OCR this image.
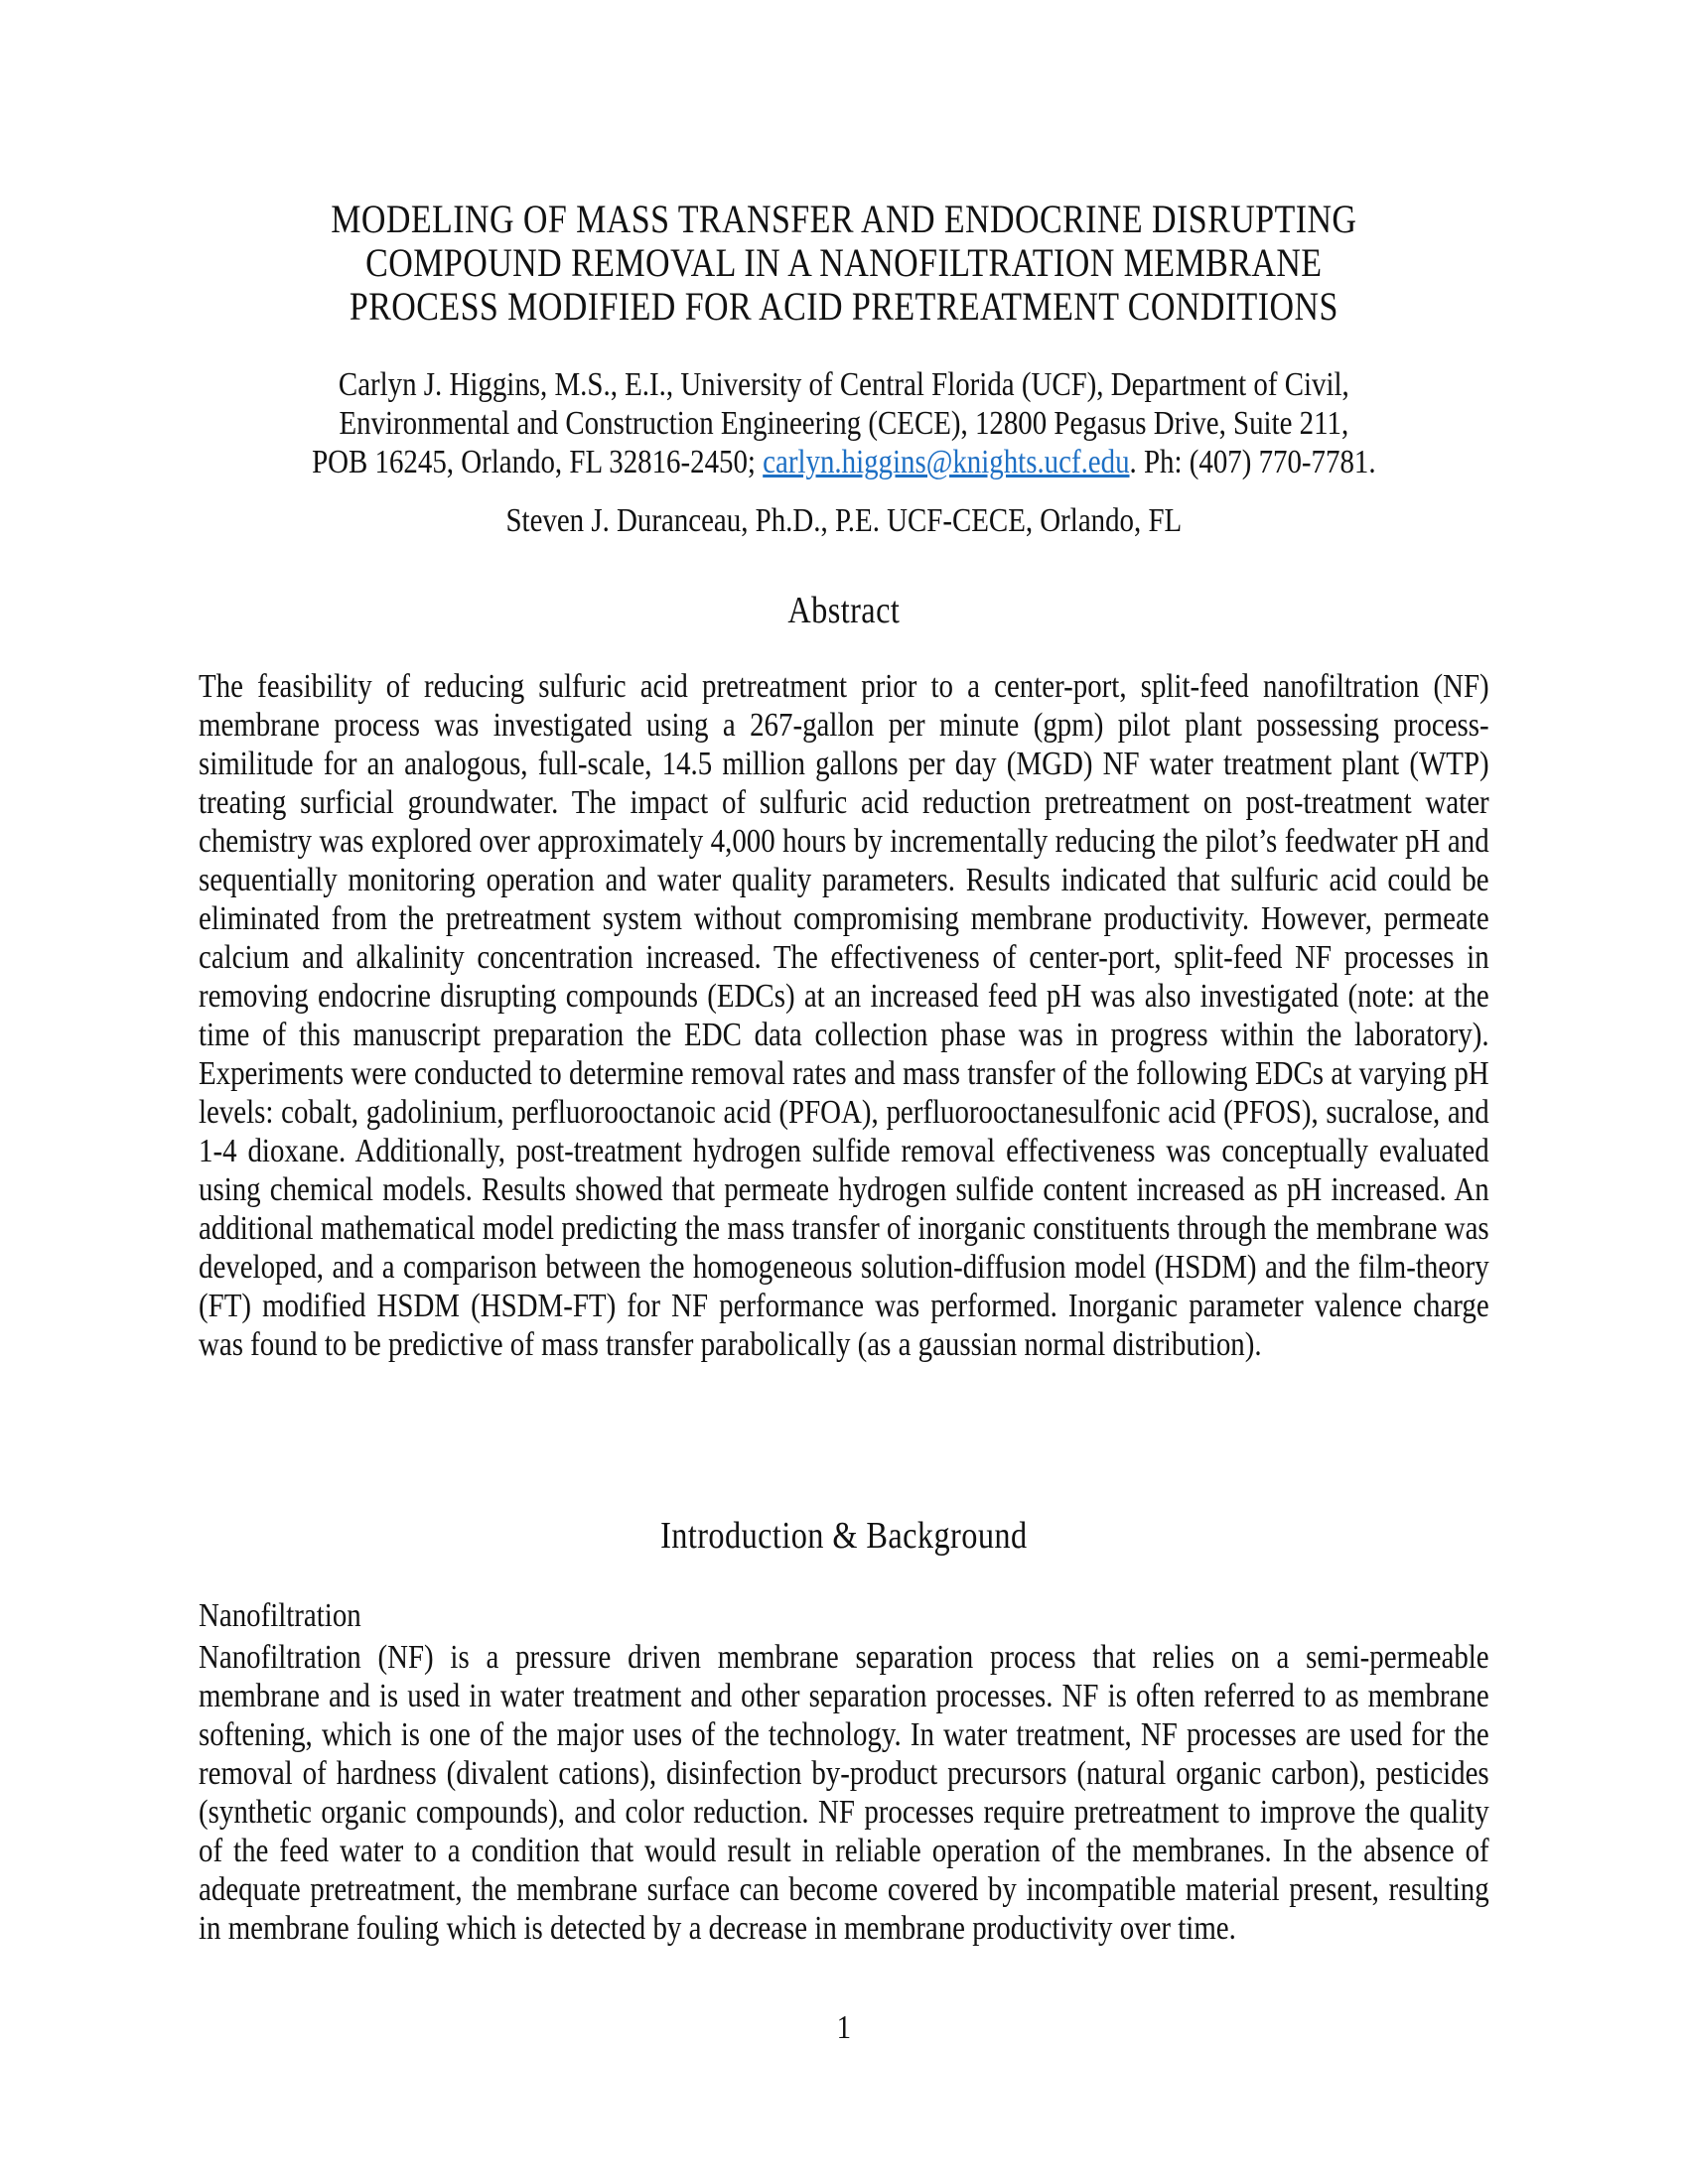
MODELING OF MASS TRANSFER AND ENDOCRINE DISRUPTING
COMPOUND REMOVAL IN A NANOFILTRATION MEMBRANE
PROCESS MODIFIED FOR ACID PRETREATMENT CONDITIONS
Carlyn J. Higgins, M.S., E.I., University of Central Florida (UCF), Department of Civil,
Environmental and Construction Engineering (CECE), 12800 Pegasus Drive, Suite 211,
POB 16245, Orlando, FL 32816-2450; carlyn.higgins@knights.ucf.edu. Ph: (407) 770-7781.
Steven J. Duranceau, Ph.D., P.E. UCF-CECE, Orlando, FL
Abstract

The feasibility of reducing sulfuric acid pretreatment prior to a center-port, split-feed nanofiltration (NF) membrane process was investigated using a 267-gallon per minute (gpm) pilot plant possessing process-similitude for an analogous, full-scale, 14.5 million gallons per day (MGD) NF water treatment plant (WTP) treating surficial groundwater. The impact of sulfuric acid reduction pretreatment on post-treatment water chemistry was explored over approximately 4,000 hours by incrementally reducing the pilot’s feedwater pH and sequentially monitoring operation and water quality parameters. Results indicated that sulfuric acid could be eliminated from the pretreatment system without compromising membrane productivity. However, permeate calcium and alkalinity concentration increased. The effectiveness of center-port, split-feed NF processes in removing endocrine disrupting compounds (EDCs) at an increased feed pH was also investigated (note: at the time of this manuscript preparation the EDC data collection phase was in progress within the laboratory). Experiments were conducted to determine removal rates and mass transfer of the following EDCs at varying pH levels: cobalt, gadolinium, perfluorooctanoic acid (PFOA), perfluorooctanesulfonic acid (PFOS), sucralose, and 1-4 dioxane. Additionally, post-treatment hydrogen sulfide removal effectiveness was conceptually evaluated using chemical models. Results showed that permeate hydrogen sulfide content increased as pH increased. An additional mathematical model predicting the mass transfer of inorganic constituents through the membrane was developed, and a comparison between the homogeneous solution-diffusion model (HSDM) and the film-theory (FT) modified HSDM (HSDM-FT) for NF performance was performed. Inorganic parameter valence charge was found to be predictive of mass transfer parabolically (as a gaussian normal distribution).

Introduction & Background
Nanofiltration

Nanofiltration (NF) is a pressure driven membrane separation process that relies on a semi-permeable membrane and is used in water treatment and other separation processes. NF is often referred to as membrane softening, which is one of the major uses of the technology. In water treatment, NF processes are used for the removal of hardness (divalent cations), disinfection by-product precursors (natural organic carbon), pesticides (synthetic organic compounds), and color reduction. NF processes require pretreatment to improve the quality of the feed water to a condition that would result in reliable operation of the membranes. In the absence of adequate pretreatment, the membrane surface can become covered by incompatible material present, resulting in membrane fouling which is detected by a decrease in membrane productivity over time.

1
